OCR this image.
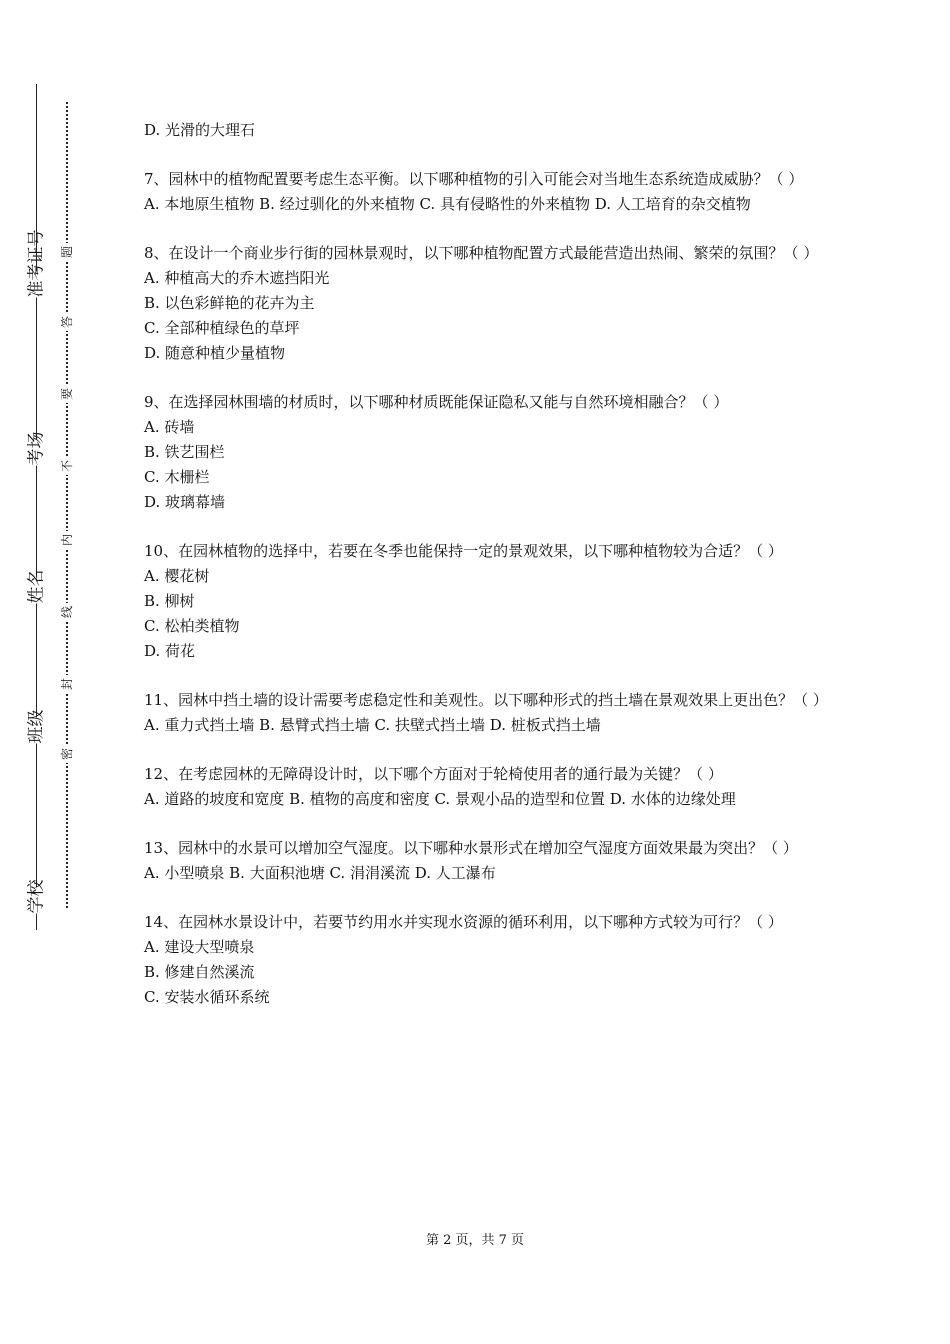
准考证号
考场
姓名
班级
学校
题
答
要
不
内
线
封
密
D. 光滑的大理石
7、园林中的植物配置要考虑生态平衡。以下哪种植物的引入可能会对当地生态系统造成威胁？（ ）
A. 本地原生植物 B. 经过驯化的外来植物 C. 具有侵略性的外来植物 D. 人工培育的杂交植物
8、在设计一个商业步行街的园林景观时，以下哪种植物配置方式最能营造出热闹、繁荣的氛围？（ ）
A. 种植高大的乔木遮挡阳光
B. 以色彩鲜艳的花卉为主
C. 全部种植绿色的草坪
D. 随意种植少量植物
9、在选择园林围墙的材质时，以下哪种材质既能保证隐私又能与自然环境相融合？（ ）
A. 砖墙
B. 铁艺围栏
C. 木栅栏
D. 玻璃幕墙
10、在园林植物的选择中，若要在冬季也能保持一定的景观效果，以下哪种植物较为合适？（ ）
A. 樱花树
B. 柳树
C. 松柏类植物
D. 荷花
11、园林中挡土墙的设计需要考虑稳定性和美观性。以下哪种形式的挡土墙在景观效果上更出色？（ ）
A. 重力式挡土墙 B. 悬臂式挡土墙 C. 扶壁式挡土墙 D. 桩板式挡土墙
12、在考虑园林的无障碍设计时，以下哪个方面对于轮椅使用者的通行最为关键？（ ）
A. 道路的坡度和宽度 B. 植物的高度和密度 C. 景观小品的造型和位置 D. 水体的边缘处理
13、园林中的水景可以增加空气湿度。以下哪种水景形式在增加空气湿度方面效果最为突出？（ ）
A. 小型喷泉 B. 大面积池塘 C. 涓涓溪流 D. 人工瀑布
14、在园林水景设计中，若要节约用水并实现水资源的循环利用，以下哪种方式较为可行？（ ）
A. 建设大型喷泉
B. 修建自然溪流
C. 安装水循环系统
第 2 页，共 7 页
